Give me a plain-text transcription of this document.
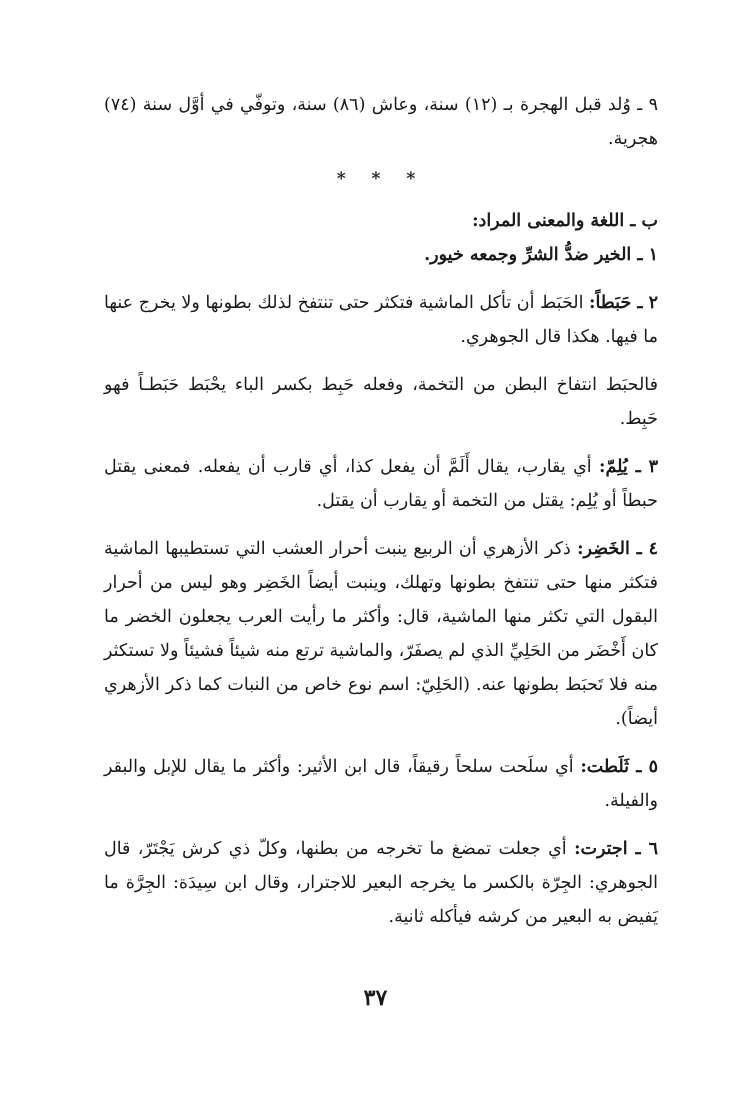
٩ ـ وُلد قبل الهجرة بـ (١٢) سنة، وعاش (٨٦) سنة، وتوفّي في أوَّل سنة (٧٤) هجرية.

* * *

ب ـ اللغة والمعنى المراد:

١ ـ الخير ضدُّ الشرِّ وجمعه خيور.

٢ ـ حَبَطاً: الحَبَط أن تأكل الماشية فتكثر حتى تنتفخ لذلك بطونها ولا يخرج عنها ما فيها. هكذا قال الجوهري.

فالحبَط انتفاخ البطن من التخمة، وفعله حَبِط بكسر الباء يحْبَط حَبَطـاً فهو حَبِط.

٣ ـ يُلِمّ: أي يقارب، يقال أَلَمَّ أن يفعل كذا، أي قارب أن يفعله. فمعنى يقتل حبطاً أو يُلِم: يقتل من التخمة أو يقارب أن يقتل.

٤ ـ الخَضِر: ذكر الأزهري أن الربيع ينبت أحرار العشب التي تستطيبها الماشية فتكثر منها حتى تنتفخ بطونها وتهلك، وينبت أيضاً الخَضِر وهو ليس من أحرار البقول التي تكثر منها الماشية، قال: وأكثر ما رأيت العرب يجعلون الخضر ما كان أَخْضَر من الحَلِيِّ الذي لم يصفَرّ، والماشية ترتع منه شيئاً فشيئاً ولا تستكثر منه فلا تَحبَط بطونها عنه. (الحَلِيّ: اسم نوع خاص من النبات كما ذكر الأزهري أيضاً).

٥ ـ ثَلَطت: أي سلَحت سلحاً رقيقاً، قال ابن الأثير: وأكثر ما يقال للإبل والبقر والفيلة.

٦ ـ اجترت: أي جعلت تمضغ ما تخرجه من بطنها، وكلّ ذي كرش يَجْتَرّ، قال الجوهري: الجِرّة بالكسر ما يخرجه البعير للاجترار، وقال ابن سِيدَة: الجِرَّة ما يَفيض به البعير من كرشه فيأكله ثانية.

٣٧
